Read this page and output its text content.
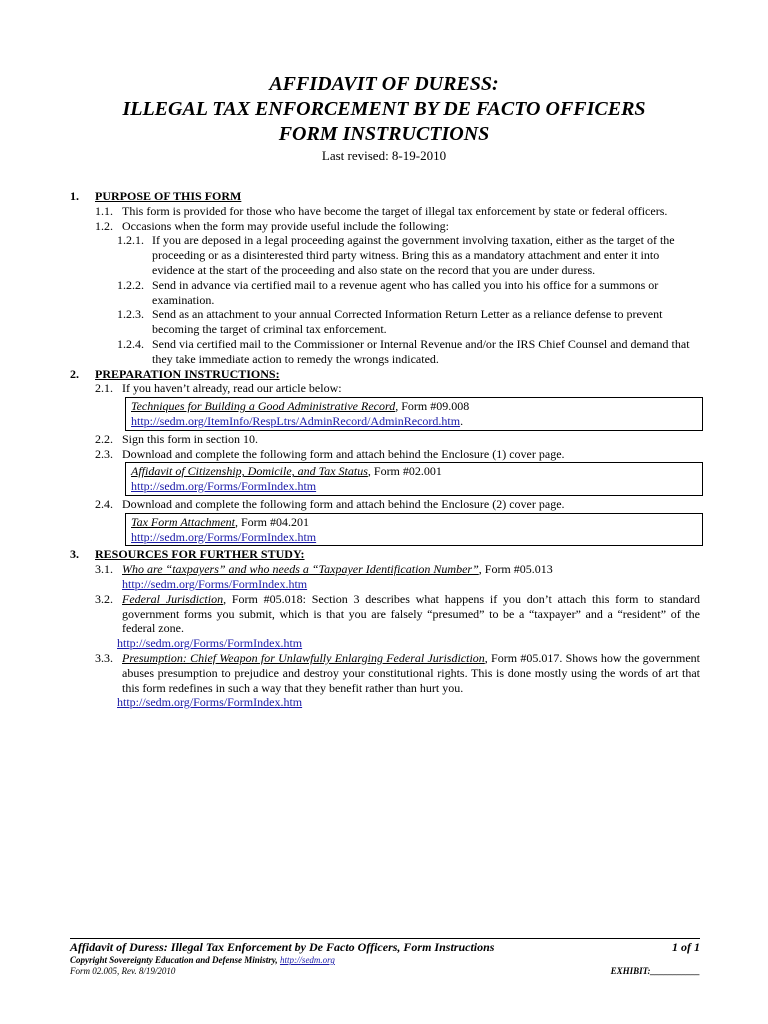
AFFIDAVIT OF DURESS:
ILLEGAL TAX ENFORCEMENT BY DE FACTO OFFICERS
FORM INSTRUCTIONS
Last revised: 8-19-2010
1. PURPOSE OF THIS FORM
1.1. This form is provided for those who have become the target of illegal tax enforcement by state or federal officers.
1.2. Occasions when the form may provide useful include the following:
1.2.1. If you are deposed in a legal proceeding against the government involving taxation, either as the target of the proceeding or as a disinterested third party witness. Bring this as a mandatory attachment and enter it into evidence at the start of the proceeding and also state on the record that you are under duress.
1.2.2. Send in advance via certified mail to a revenue agent who has called you into his office for a summons or examination.
1.2.3. Send as an attachment to your annual Corrected Information Return Letter as a reliance defense to prevent becoming the target of criminal tax enforcement.
1.2.4. Send via certified mail to the Commissioner or Internal Revenue and/or the IRS Chief Counsel and demand that they take immediate action to remedy the wrongs indicated.
2. PREPARATION INSTRUCTIONS:
2.1. If you haven’t already, read our article below:
Techniques for Building a Good Administrative Record, Form #09.008
http://sedm.org/ItemInfo/RespLtrs/AdminRecord/AdminRecord.htm.
2.2. Sign this form in section 10.
2.3. Download and complete the following form and attach behind the Enclosure (1) cover page.
Affidavit of Citizenship, Domicile, and Tax Status, Form #02.001
http://sedm.org/Forms/FormIndex.htm
2.4. Download and complete the following form and attach behind the Enclosure (2) cover page.
Tax Form Attachment, Form #04.201
http://sedm.org/Forms/FormIndex.htm
3. RESOURCES FOR FURTHER STUDY:
3.1. Who are “taxpayers” and who needs a “Taxpayer Identification Number”, Form #05.013
http://sedm.org/Forms/FormIndex.htm
3.2. Federal Jurisdiction, Form #05.018: Section 3 describes what happens if you don’t attach this form to standard government forms you submit, which is that you are falsely “presumed” to be a “taxpayer” and a “resident” of the federal zone.
http://sedm.org/Forms/FormIndex.htm
3.3. Presumption: Chief Weapon for Unlawfully Enlarging Federal Jurisdiction, Form #05.017. Shows how the government abuses presumption to prejudice and destroy your constitutional rights. This is done mostly using the words of art that this form redefines in such a way that they benefit rather than hurt you.
http://sedm.org/Forms/FormIndex.htm
Affidavit of Duress: Illegal Tax Enforcement by De Facto Officers, Form Instructions	1 of 1
Copyright Sovereignty Education and Defense Ministry, http://sedm.org
Form 02.005, Rev. 8/19/2010	EXHIBIT:___________
